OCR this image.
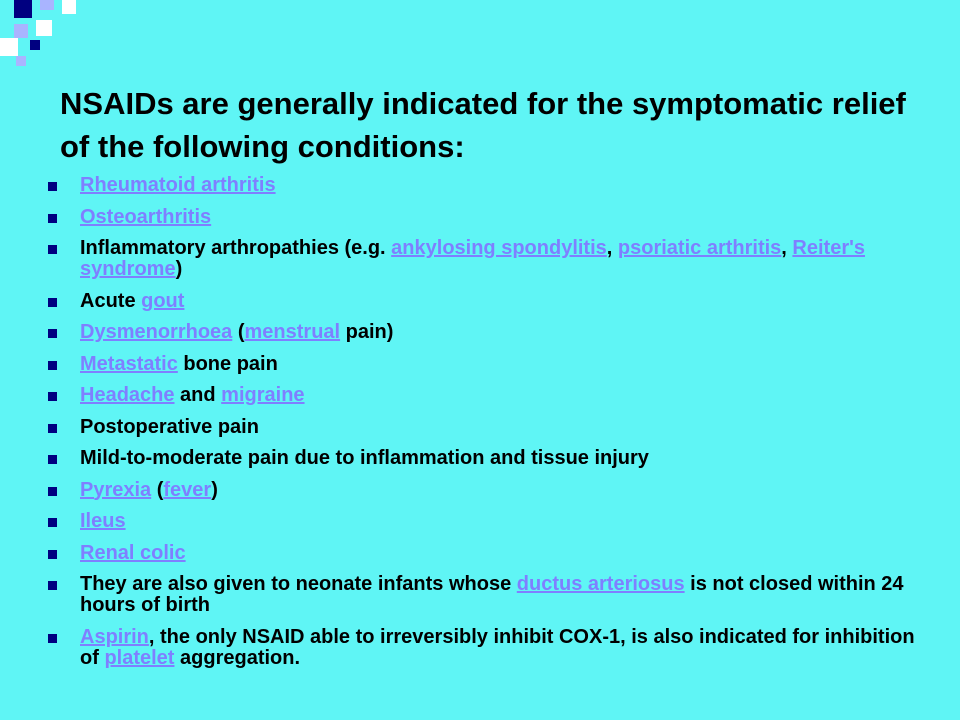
NSAIDs are generally indicated for the symptomatic relief of the following conditions:
Rheumatoid arthritis
Osteoarthritis
Inflammatory arthropathies (e.g. ankylosing spondylitis, psoriatic arthritis, Reiter's syndrome)
Acute gout
Dysmenorrhoea (menstrual pain)
Metastatic bone pain
Headache and migraine
Postoperative pain
Mild-to-moderate pain due to inflammation and tissue injury
Pyrexia (fever)
Ileus
Renal colic
They are also given to neonate infants whose ductus arteriosus is not closed within 24 hours of birth
Aspirin, the only NSAID able to irreversibly inhibit COX-1, is also indicated for inhibition of platelet aggregation.
